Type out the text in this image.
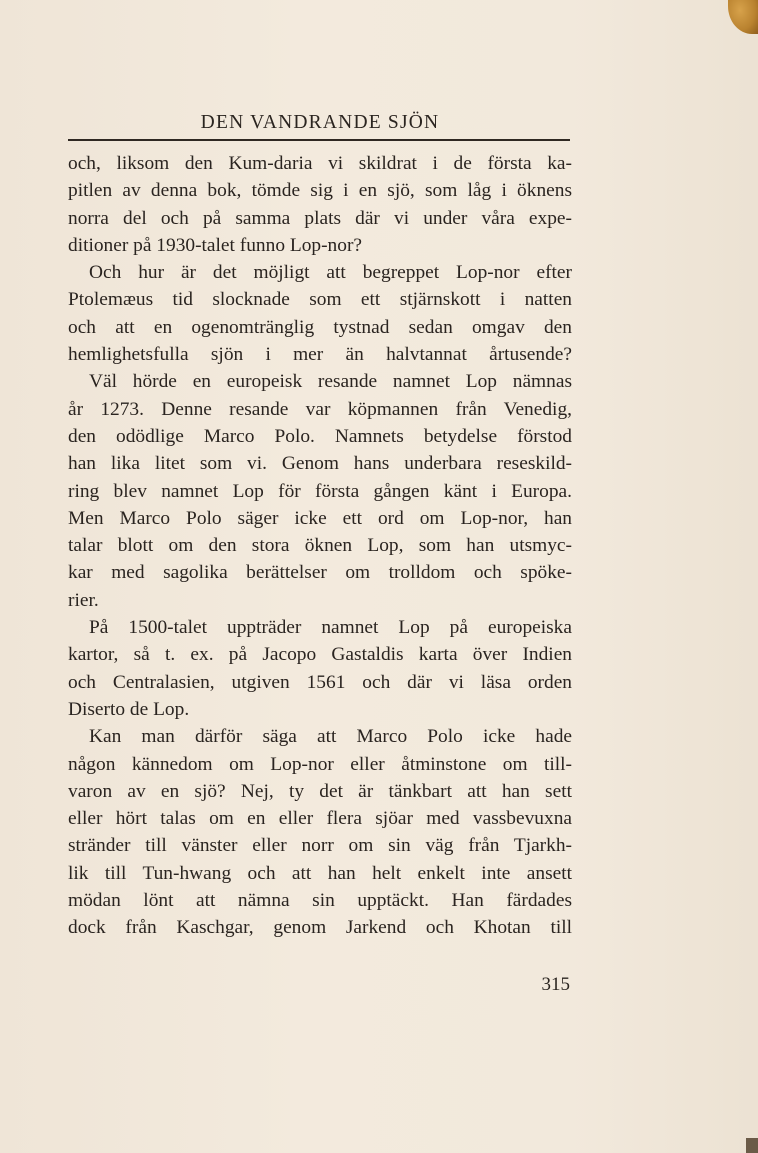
DEN VANDRANDE SJÖN
och, liksom den Kum-daria vi skildrat i de första ka-
pitlen av denna bok, tömde sig i en sjö, som låg i öknens
norra del och på samma plats där vi under våra expe-
ditioner på 1930-talet funno Lop-nor?
Och hur är det möjligt att begreppet Lop-nor efter
Ptolemæus tid slocknade som ett stjärnskott i natten
och att en ogenomtränglig tystnad sedan omgav den
hemlighetsfulla sjön i mer än halvtannat årtusende?
Väl hörde en europeisk resande namnet Lop nämnas
år 1273. Denne resande var köpmannen från Venedig,
den odödlige Marco Polo. Namnets betydelse förstod
han lika litet som vi. Genom hans underbara reseskild-
ring blev namnet Lop för första gången känt i Europa.
Men Marco Polo säger icke ett ord om Lop-nor, han
talar blott om den stora öknen Lop, som han utsmyc-
kar med sagolika berättelser om trolldom och spöke-
rier.
På 1500-talet uppträder namnet Lop på europeiska
kartor, så t. ex. på Jacopo Gastaldis karta över Indien
och Centralasien, utgiven 1561 och där vi läsa orden
Diserto de Lop.
Kan man därför säga att Marco Polo icke hade
någon kännedom om Lop-nor eller åtminstone om till-
varon av en sjö? Nej, ty det är tänkbart att han sett
eller hört talas om en eller flera sjöar med vassbevuxna
stränder till vänster eller norr om sin väg från Tjarkh-
lik till Tun-hwang och att han helt enkelt inte ansett
mödan lönt att nämna sin upptäckt. Han färdades
dock från Kaschgar, genom Jarkend och Khotan till
315
